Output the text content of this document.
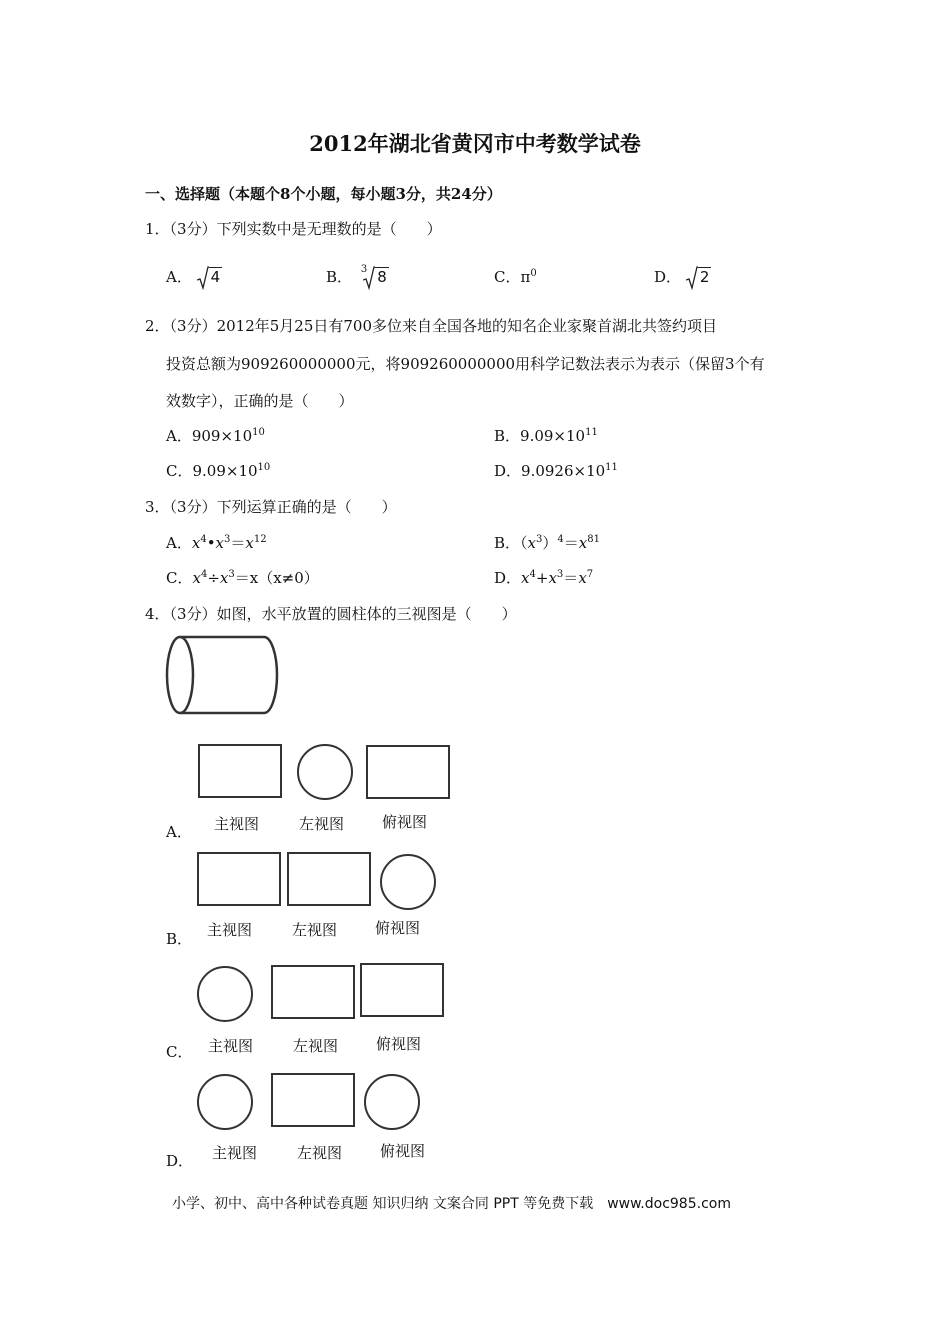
2012年湖北省黄冈市中考数学试卷
一、选择题（本题个8个小题，每小题3分，共24分）
1．（3分）下列实数中是无理数的是（　　）
A． 4	B． $^3$ 8	C．$\pi^0$	D． 2
2．（3分）2012年5月25日有700多位来自全国各地的知名企业家聚首湖北共签约项目
投资总额为909260000000元，将909260000000用科学记数法表示为表示（保留3个有
效数字），正确的是（　　）
A．$909\times 10^{10}$	B．$9.09\times 10^{11}$
C．$9.09\times 10^{10}$	D．$9.0926\times 10^{11}$
3．（3分）下列运算正确的是（　　）
A．$x^4•x^3=x^{12}$	B．$(x^3)^4=x^{81}$
C．$x^4\div x^3=x(x\ne 0)$	D．$x^4+x^3=x^7$
4．（3分）如图，水平放置的圆柱体的三视图是（　　）
主视图	左视图	俯视图
A．
主视图	左视图	俯视图
B．
主视图	左视图	俯视图
C．
主视图	左视图	俯视图
D．
小学、初中、高中各种试卷真题 知识归纳 文案合同 PPT 等免费下载　www.doc985.com
